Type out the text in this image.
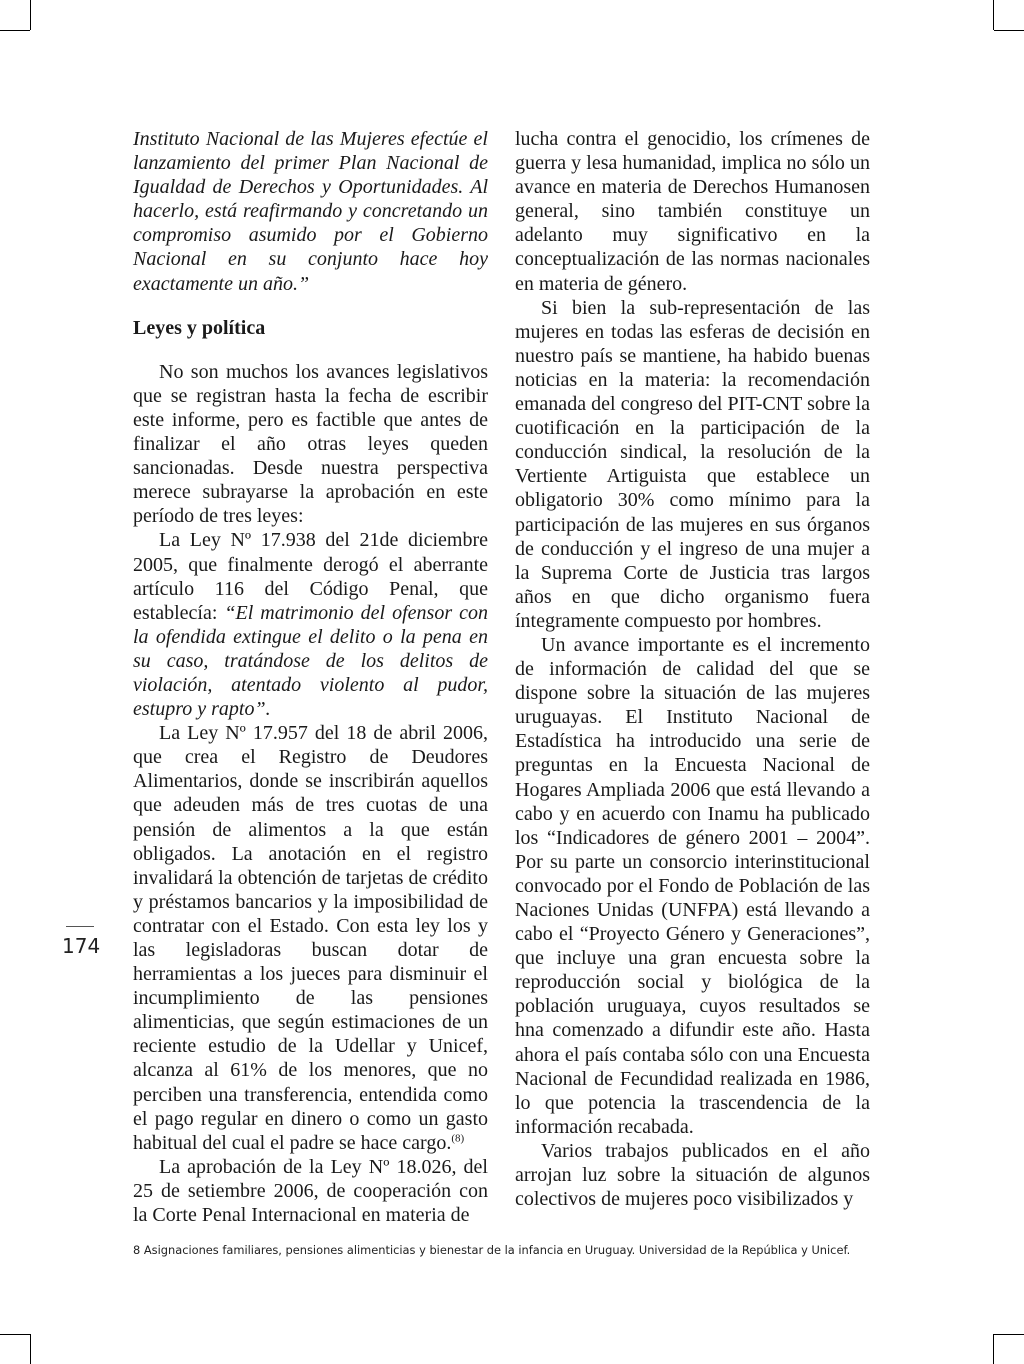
Instituto Nacional de las Mujeres efectúe el lanzamiento del primer Plan Nacional de Igualdad de Derechos y Oportunidades. Al hacerlo, está reafirmando y concretando un compromiso asumido por el Gobierno Nacional en su conjunto hace hoy exactamente un año.”

Leyes y política

No son muchos los avances legislativos que se registran hasta la fecha de escribir este informe, pero es factible que antes de finalizar el año otras leyes queden sancionadas. Desde nuestra perspectiva merece subrayarse la aprobación en este período de tres leyes:

La Ley Nº 17.938 del 21de diciembre 2005, que finalmente derogó el aberrante artículo 116 del Código Penal, que establecía: “El matrimonio del ofensor con la ofendida extingue el delito o la pena en su caso, tratándose de los delitos de violación, atentado violento al pudor, estupro y rapto”.

La Ley Nº 17.957 del 18 de abril 2006, que crea el Registro de Deudores Alimentarios, donde se inscribirán aquellos que adeuden más de tres cuotas de una pensión de alimentos a la que están obligados. La anotación en el registro invalidará la obtención de tarjetas de crédito y préstamos bancarios y la imposibilidad de contratar con el Estado. Con esta ley los y las legisladoras buscan dotar de herramientas a los jueces para disminuir el incumplimiento de las pensiones alimenticias, que según estimaciones de un reciente estudio de la Udellar y Unicef, alcanza al 61% de los menores, que no perciben una transferencia, entendida como el pago regular en dinero o como un gasto habitual del cual el padre se hace cargo.$^{(8)}$

La aprobación de la Ley Nº 18.026, del 25 de setiembre 2006, de cooperación con la Corte Penal Internacional en materia de

lucha contra el genocidio, los crímenes de guerra y lesa humanidad, implica no sólo un avance en materia de Derechos Humanosen general, sino también constituye un adelanto muy significativo en la conceptualización de las normas nacionales en materia de género.

Si bien la sub-representación de las mujeres en todas las esferas de decisión en nuestro país se mantiene, ha habido buenas noticias en la materia: la recomendación emanada del congreso del PIT-CNT sobre la cuotificación en la participación de la conducción sindical, la resolución de la Vertiente Artiguista que establece un obligatorio 30% como mínimo para la participación de las mujeres en sus órganos de conducción y el ingreso de una mujer a la Suprema Corte de Justicia tras largos años en que dicho organismo fuera íntegramente compuesto por hombres.

Un avance importante es el incremento de información de calidad del que se dispone sobre la situación de las mujeres uruguayas. El Instituto Nacional de Estadística ha introducido una serie de preguntas en la Encuesta Nacional de Hogares Ampliada 2006 que está llevando a cabo y en acuerdo con Inamu ha publicado los “Indicadores de género 2001 – 2004”. Por su parte un consorcio interinstitucional convocado por el Fondo de Población de las Naciones Unidas (UNFPA) está llevando a cabo el “Proyecto Género y Generaciones”, que incluye una gran encuesta sobre la reproducción social y biológica de la población uruguaya, cuyos resultados se hna comenzado a difundir este año. Hasta ahora el país contaba sólo con una Encuesta Nacional de Fecundidad realizada en 1986, lo que potencia la trascendencia de la información recabada.

Varios trabajos publicados en el año arrojan luz sobre la situación de algunos colectivos de mujeres poco visibilizados y

174
8 Asignaciones familiares, pensiones alimenticias y bienestar de la infancia en Uruguay. Universidad de la República y Unicef.
